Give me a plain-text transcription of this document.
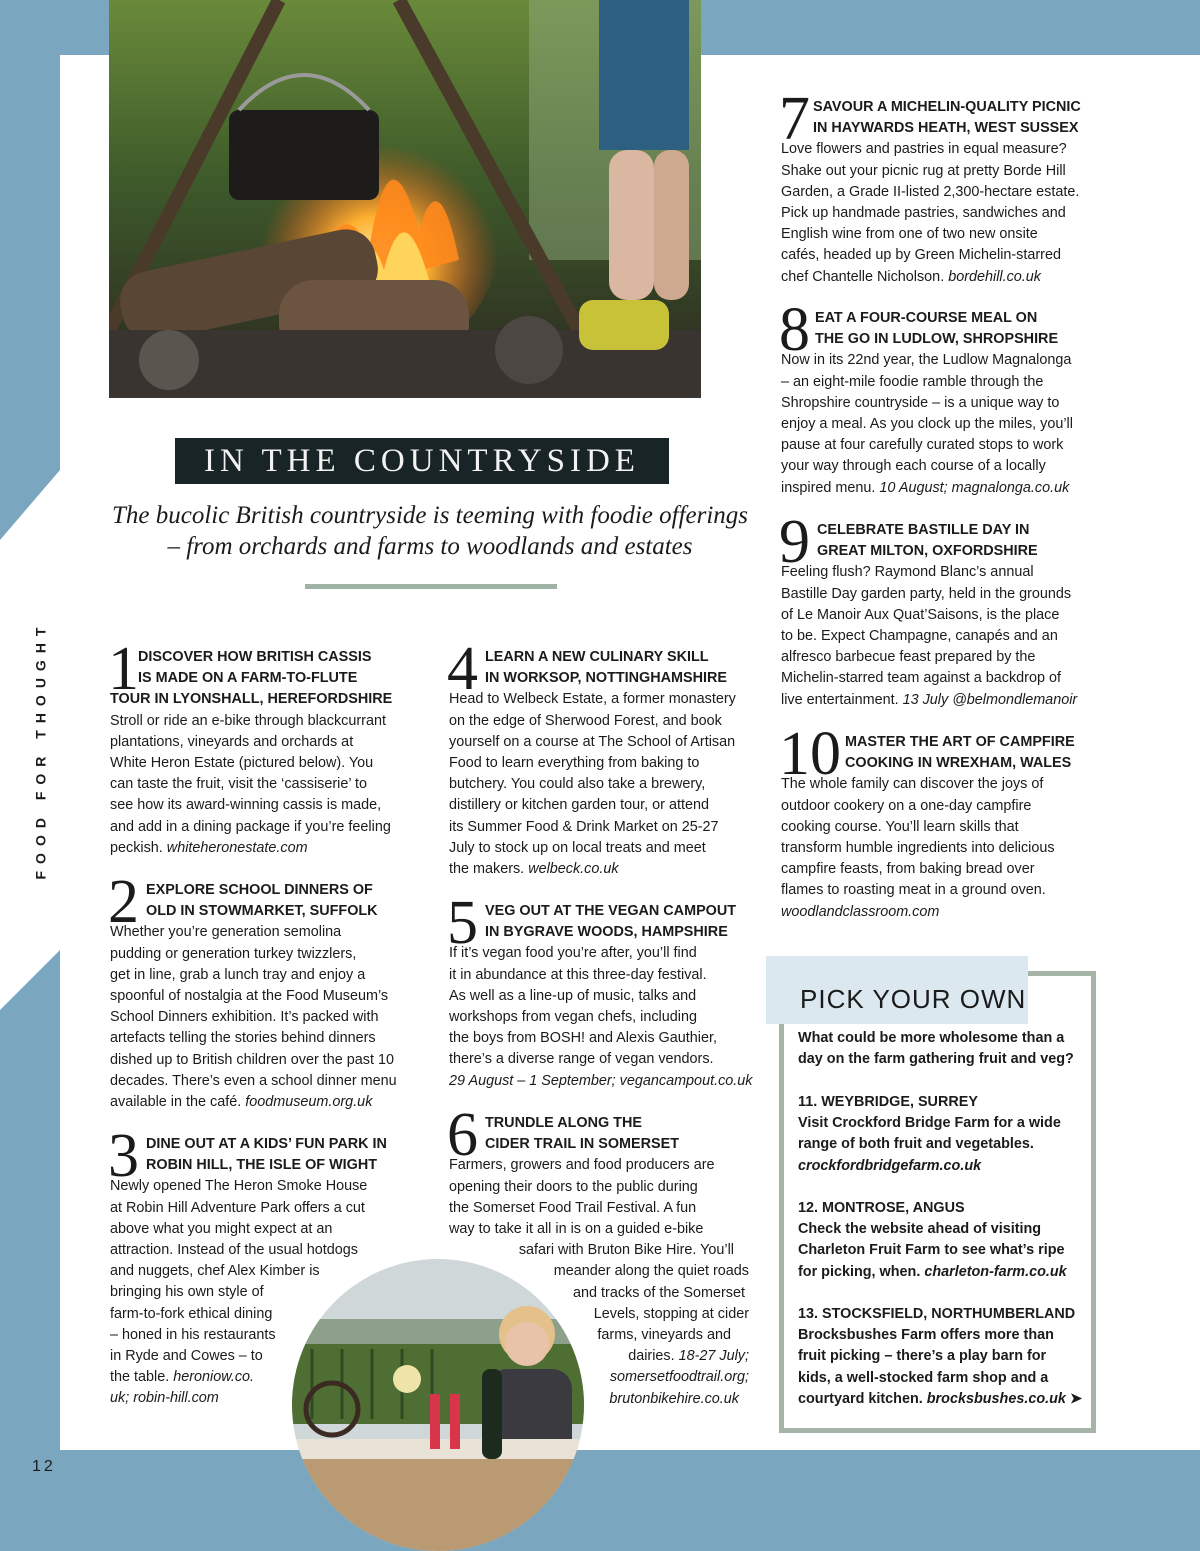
FOOD FOR THOUGHT
12
IN THE COUNTRYSIDE
The bucolic British countryside is teeming with foodie offerings
– from orchards and farms to woodlands and estates
1 DISCOVER HOW BRITISH CASSIS
IS MADE ON A FARM-TO-FLUTE
TOUR IN LYONSHALL, HEREFORDSHIRE
Stroll or ride an e-bike through blackcurrant
plantations, vineyards and orchards at
White Heron Estate (pictured below). You
can taste the fruit, visit the ‘cassiserie’ to
see how its award-winning cassis is made,
and add in a dining package if you’re feeling
peckish. whiteheronestate.com
2 EXPLORE SCHOOL DINNERS OF
OLD IN STOWMARKET, SUFFOLK
Whether you’re generation semolina
pudding or generation turkey twizzlers,
get in line, grab a lunch tray and enjoy a
spoonful of nostalgia at the Food Museum’s
School Dinners exhibition. It’s packed with
artefacts telling the stories behind dinners
dished up to British children over the past 10
decades. There’s even a school dinner menu
available in the café. foodmuseum.org.uk
3 DINE OUT AT A KIDS’ FUN PARK IN
ROBIN HILL, THE ISLE OF WIGHT
Newly opened The Heron Smoke House
at Robin Hill Adventure Park offers a cut
above what you might expect at an
attraction. Instead of the usual hotdogs
and nuggets, chef Alex Kimber is
bringing his own style of
farm-to-fork ethical dining
– honed in his restaurants
in Ryde and Cowes – to
the table. heroniow.co.
uk; robin-hill.com
4 LEARN A NEW CULINARY SKILL
IN WORKSOP, NOTTINGHAMSHIRE
Head to Welbeck Estate, a former monastery
on the edge of Sherwood Forest, and book
yourself on a course at The School of Artisan
Food to learn everything from baking to
butchery. You could also take a brewery,
distillery or kitchen garden tour, or attend
its Summer Food & Drink Market on 25-27
July to stock up on local treats and meet
the makers. welbeck.co.uk
5 VEG OUT AT THE VEGAN CAMPOUT
IN BYGRAVE WOODS, HAMPSHIRE
If it’s vegan food you’re after, you’ll find
it in abundance at this three-day festival.
As well as a line-up of music, talks and
workshops from vegan chefs, including
the boys from BOSH! and Alexis Gauthier,
there’s a diverse range of vegan vendors.
29 August – 1 September; vegancampout.co.uk
6 TRUNDLE ALONG THE
CIDER TRAIL IN SOMERSET
Farmers, growers and food producers are
opening their doors to the public during
the Somerset Food Trail Festival. A fun
way to take it all in is on a guided e-bike
safari with Bruton Bike Hire. You’ll
meander along the quiet roads
and tracks of the Somerset
Levels, stopping at cider
farms, vineyards and
dairies. 18-27 July;
somersetfoodtrail.org;
brutonbikehire.co.uk
7 SAVOUR A MICHELIN-QUALITY PICNIC
IN HAYWARDS HEATH, WEST SUSSEX
Love flowers and pastries in equal measure?
Shake out your picnic rug at pretty Borde Hill
Garden, a Grade II-listed 2,300-hectare estate.
Pick up handmade pastries, sandwiches and
English wine from one of two new onsite
cafés, headed up by Green Michelin-starred
chef Chantelle Nicholson. bordehill.co.uk
8 EAT A FOUR-COURSE MEAL ON
THE GO IN LUDLOW, SHROPSHIRE
Now in its 22nd year, the Ludlow Magnalonga
– an eight-mile foodie ramble through the
Shropshire countryside – is a unique way to
enjoy a meal. As you clock up the miles, you’ll
pause at four carefully curated stops to work
your way through each course of a locally
inspired menu. 10 August; magnalonga.co.uk
9 CELEBRATE BASTILLE DAY IN
GREAT MILTON, OXFORDSHIRE
Feeling flush? Raymond Blanc’s annual
Bastille Day garden party, held in the grounds
of Le Manoir Aux Quat’Saisons, is the place
to be. Expect Champagne, canapés and an
alfresco barbecue feast prepared by the
Michelin-starred team against a backdrop of
live entertainment. 13 July @belmondlemanoir
10 MASTER THE ART OF CAMPFIRE
COOKING IN WREXHAM, WALES
The whole family can discover the joys of
outdoor cookery on a one-day campfire
cooking course. You’ll learn skills that
transform humble ingredients into delicious
campfire feasts, from baking bread over
flames to roasting meat in a ground oven.
woodlandclassroom.com
PICK YOUR OWN
What could be more wholesome than a
day on the farm gathering fruit and veg?
11. WEYBRIDGE, SURREY
Visit Crockford Bridge Farm for a wide
range of both fruit and vegetables.
crockfordbridgefarm.co.uk
12. MONTROSE, ANGUS
Check the website ahead of visiting
Charleton Fruit Farm to see what’s ripe
for picking, when. charleton-farm.co.uk
13. STOCKSFIELD, NORTHUMBERLAND
Brocksbushes Farm offers more than
fruit picking – there’s a play barn for
kids, a well-stocked farm shop and a
courtyard kitchen. brocksbushes.co.uk ➤
